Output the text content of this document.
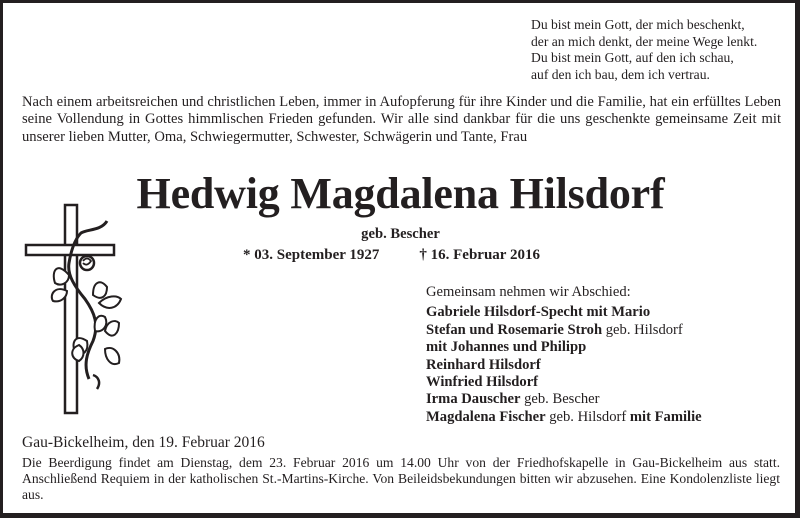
Du bist mein Gott, der mich beschenkt,
der an mich denkt, der meine Wege lenkt.
Du bist mein Gott, auf den ich schau,
auf den ich bau, dem ich vertrau.
Nach einem arbeitsreichen und christlichen Leben, immer in Aufopferung für ihre Kinder und die Familie, hat ein erfülltes Leben seine Vollendung in Gottes himmlischen Frieden gefunden. Wir alle sind dankbar für die uns geschenkte gemeinsame Zeit mit unserer lieben Mutter, Oma, Schwiegermutter, Schwester, Schwägerin und Tante, Frau
Hedwig Magdalena Hilsdorf
geb. Bescher
* 03. September 1927	† 16. Februar 2016
Gemeinsam nehmen wir Abschied:
Gabriele Hilsdorf-Specht mit Mario
Stefan und Rosemarie Stroh geb. Hilsdorf
mit Johannes und Philipp
Reinhard Hilsdorf
Winfried Hilsdorf
Irma Dauscher geb. Bescher
Magdalena Fischer geb. Hilsdorf mit Familie
Gau-Bickelheim, den 19. Februar 2016
Die Beerdigung findet am Dienstag, dem 23. Februar 2016 um 14.00 Uhr von der Friedhofskapelle in Gau-Bickelheim aus statt. Anschließend Requiem in der katholischen St.-Martins-Kirche. Von Beileidsbekundungen bitten wir abzusehen. Eine Kondolenzliste liegt aus.
